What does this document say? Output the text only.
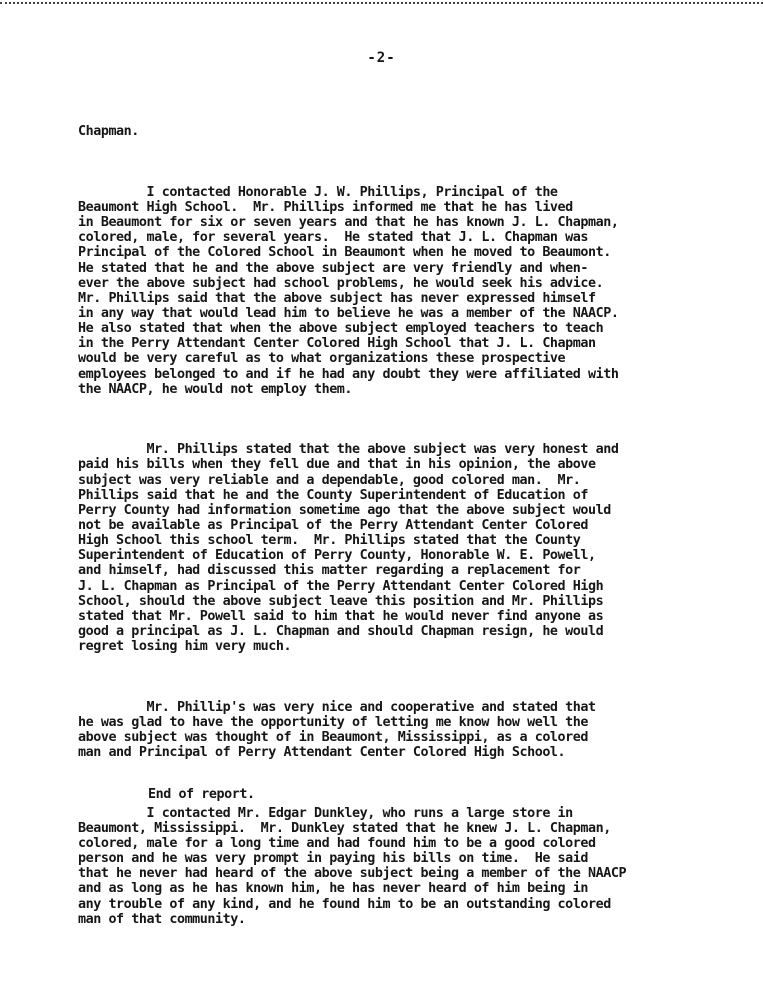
-2-

Chapman.

I contacted Honorable J. W. Phillips, Principal of the
Beaumont High School.  Mr. Phillips informed me that he has lived
in Beaumont for six or seven years and that he has known J. L. Chapman,
colored, male, for several years.  He stated that J. L. Chapman was
Principal of the Colored School in Beaumont when he moved to Beaumont.
He stated that he and the above subject are very friendly and when-
ever the above subject had school problems, he would seek his advice.
Mr. Phillips said that the above subject has never expressed himself
in any way that would lead him to believe he was a member of the NAACP.
He also stated that when the above subject employed teachers to teach
in the Perry Attendant Center Colored High School that J. L. Chapman
would be very careful as to what organizations these prospective
employees belonged to and if he had any doubt they were affiliated with
the NAACP, he would not employ them.

Mr. Phillips stated that the above subject was very honest and
paid his bills when they fell due and that in his opinion, the above
subject was very reliable and a dependable, good colored man.  Mr.
Phillips said that he and the County Superintendent of Education of
Perry County had information sometime ago that the above subject would
not be available as Principal of the Perry Attendant Center Colored
High School this school term.  Mr. Phillips stated that the County
Superintendent of Education of Perry County, Honorable W. E. Powell,
and himself, had discussed this matter regarding a replacement for
J. L. Chapman as Principal of the Perry Attendant Center Colored High
School, should the above subject leave this position and Mr. Phillips
stated that Mr. Powell said to him that he would never find anyone as
good a principal as J. L. Chapman and should Chapman resign, he would
regret losing him very much.

Mr. Phillip's was very nice and cooperative and stated that
he was glad to have the opportunity of letting me know how well the
above subject was thought of in Beaumont, Mississippi, as a colored
man and Principal of Perry Attendant Center Colored High School.

I contacted Mr. Edgar Dunkley, who runs a large store in
Beaumont, Mississippi.  Mr. Dunkley stated that he knew J. L. Chapman,
colored, male for a long time and had found him to be a good colored
person and he was very prompt in paying his bills on time.  He said
that he never had heard of the above subject being a member of the NAACP
and as long as he has known him, he has never heard of him being in
any trouble of any kind, and he found him to be an outstanding colored
man of that community.

End of report.
